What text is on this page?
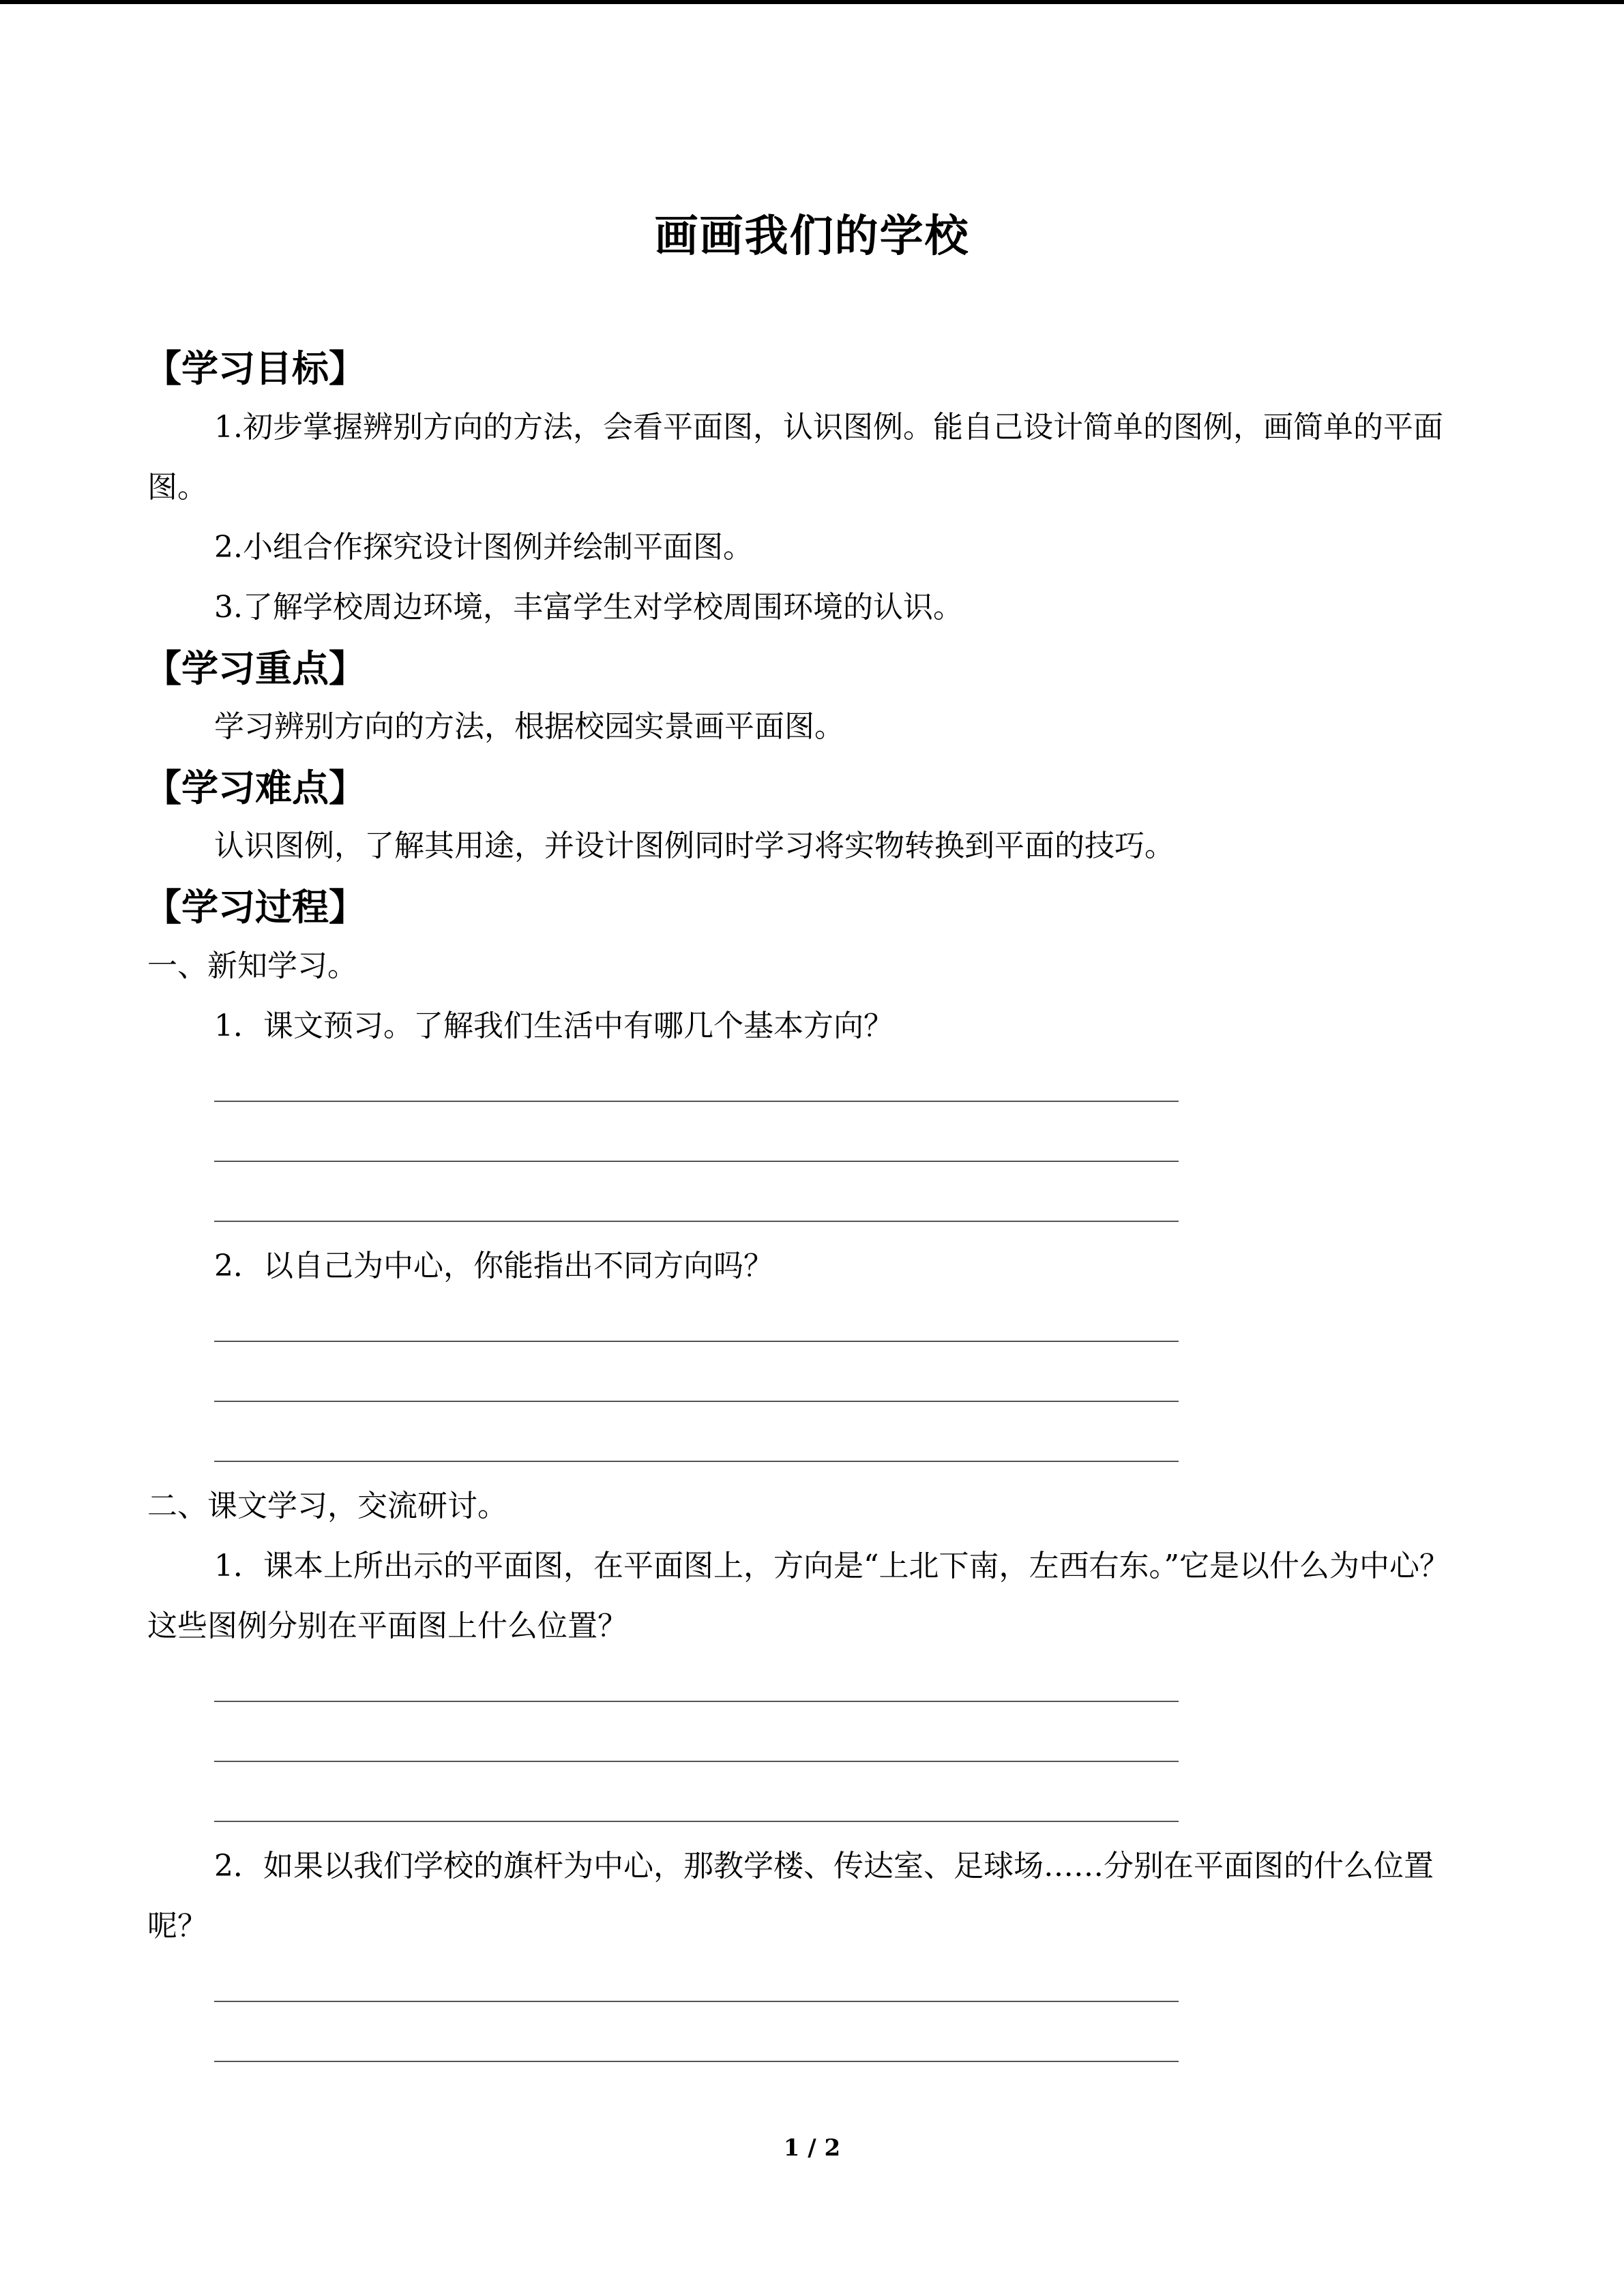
画画我们的学校
【学习目标】
1.初步掌握辨别方向的方法，会看平面图，认识图例。能自己设计简单的图例，画简单的平面图。
2.小组合作探究设计图例并绘制平面图。
3.了解学校周边环境，丰富学生对学校周围环境的认识。
【学习重点】
学习辨别方向的方法，根据校园实景画平面图。
【学习难点】
认识图例，了解其用途，并设计图例同时学习将实物转换到平面的技巧。
【学习过程】
一、新知学习。
1．课文预习。了解我们生活中有哪几个基本方向？
2．以自己为中心，你能指出不同方向吗？
二、课文学习，交流研讨。
1．课本上所出示的平面图，在平面图上，方向是“上北下南，左西右东。”它是以什么为中心？这些图例分别在平面图上什么位置？
2．如果以我们学校的旗杆为中心，那教学楼、传达室、足球场……分别在平面图的什么位置呢？
1 / 2
